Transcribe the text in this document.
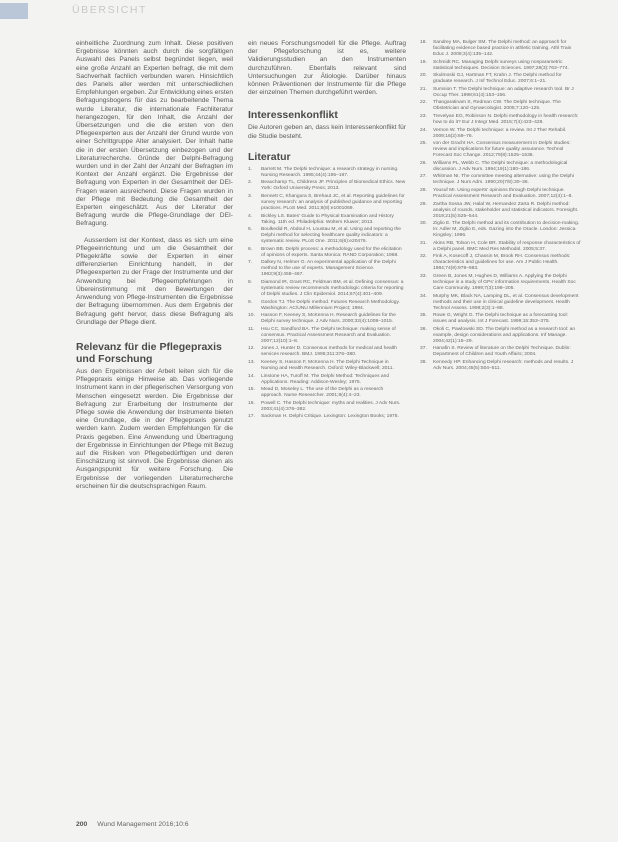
ÜBERSICHT

einheitliche Zuordnung zum Inhalt. Diese positiven Ergebnisse könnten auch durch die sorgfältigen Auswahl des Panels selbst begründet liegen, weil eine große Anzahl an Experten befragt, die mit dem Sachverhalt fachlich verbunden waren. Hinsichtlich des Panels aller werden mit unterschiedlichen Empfehlungen ergeben. Zur Entwicklung eines ersten Befragungsbogens für das zu bearbeitende Thema wurde Literatur, die internationale Fachliteratur herangezogen, für den Inhalt, die Anzahl der Übersetzungen und die die ersten von den Pflegeexperten aus der Anzahl der Grund wurde von einer Schrittgruppe Alter analysiert. Der Inhalt hatte die in der ersten Übersetzung einbezogen und der Literaturrecherche. Gründe der Delphi-Befragung wurden und in der Zahl der Anzahl der Befragten im Kontext der Anzahl ergänzt. Die Ergebnisse der Befragung von Experten in der Gesamtheit der DEI-Fragen waren ausreichend. Diese Fragen wurden in der Pflege mit Bedeutung die Gesamtheit der Experten eingeschätzt. Aus der Literatur der Befragung wurde die Pflege-Grundlage der DEI-Befragung.

Ausserdem ist der Kontext, dass es sich um eine Pflegeeinrichtung und um die Gesamtheit der Pflegekräfte sowie der Experten in einer differenzierten Einrichtung handelt, in der Pflegeexperten zu der Frage der Instrumente und der Anwendung bei Pflegeempfehlungen in Übereinstimmung mit den Bewertungen der Anwendung von Pflege-Instrumenten die Ergebnisse der Befragung übernommen. Aus dem Ergebnis der Befragung geht hervor, dass diese Befragung als Grundlage der Pflege dient.

Relevanz für die Pflegepraxis und Forschung

Aus den Ergebnissen der Arbeit leiten sich für die Pflegepraxis einige Hinweise ab. Das vorliegende Instrument kann in der pflegerischen Versorgung von Menschen eingesetzt werden. Die Ergebnisse der Befragung zur Erarbeitung der Instrumente der Pflege sowie die Anwendung der Instrumente bieten eine Grundlage, die in der Pflegepraxis genutzt werden kann. Zudem werden Empfehlungen für die Praxis gegeben. Eine Anwendung und Übertragung der Ergebnisse in Einrichtungen der Pflege mit Bezug auf die Risiken von Pflegebedürftigen und deren Einschätzung ist sinnvoll. Die Ergebnisse dienen als Ausgangspunkt für weitere Forschung. Die Ergebnisse der vorliegenden Literaturrecherche erscheinen für die deutschsprachigen Raum.

ein neues Forschungsmodell für die Pflege. Auftrag der Pflegeforschung ist es, weitere Validierungsstudien an den Instrumenten durchzuführen. Ebenfalls relevant sind Untersuchungen zur Ätiologie. Darüber hinaus können Präventionen der Instrumente für die Pflege der einzelnen Themen durchgeführt werden.

Interessenkonflikt

Die Autoren geben an, dass kein Interessenkonflikt für die Studie besteht.

Literatur
1. Barrett M. The Delphi technique: a research strategy in nursing. Nursing Research. 1995;44(4):195–197.
2. Beauchamp TL, Childress JF. Principles of Biomedical Ethics. New York: Oxford University Press; 2013.
3. Bennett C, Khangura S, Brehaut JC, et al. Reporting guidelines for survey research: an analysis of published guidance and reporting practices. PLoS Med. 2011;8(8):e1001069.
4. Bickley LS. Bates' Guide to Physical Examination and History Taking. 11th ed. Philadelphia: Wolters Kluwer; 2013.
5. Boulkedid R, Abdoul H, Loustau M, et al. Using and reporting the Delphi method for selecting healthcare quality indicators: a systematic review. PLoS One. 2011;6(6):e20476.
6. Brown BB. Delphi process: a methodology used for the elicitation of opinions of experts. Santa Monica: RAND Corporation; 1968.
7. Dalkey N, Helmer O. An experimental application of the Delphi method to the use of experts. Management Science. 1963;9(3):458–467.
8. Diamond IR, Grant RC, Feldman BM, et al. Defining consensus: a systematic review recommends methodologic criteria for reporting of Delphi studies. J Clin Epidemiol. 2014;67(4):401–409.
9. Gordon TJ. The Delphi method. Futures Research Methodology. Washington: AC/UNU Millennium Project; 1994.
10. Hasson F, Keeney S, McKenna H. Research guidelines for the Delphi survey technique. J Adv Nurs. 2000;32(4):1008–1015.
11. Hsu CC, Sandford BA. The Delphi technique: making sense of consensus. Practical Assessment Research and Evaluation. 2007;12(10):1–8.
12. Jones J, Hunter D. Consensus methods for medical and health services research. BMJ. 1995;311:376–380.
13. Keeney S, Hasson F, McKenna H. The Delphi Technique in Nursing and Health Research. Oxford: Wiley-Blackwell; 2011.
14. Linstone HA, Turoff M. The Delphi Method: Techniques and Applications. Reading: Addison-Wesley; 1975.
15. Mead D, Moseley L. The use of the Delphi as a research approach. Nurse Researcher. 2001;8(4):4–23.
16. Powell C. The Delphi technique: myths and realities. J Adv Nurs. 2003;41(4):376–382.
17. Sackman H. Delphi Critique. Lexington: Lexington Books; 1975.
18. Sandrey MA, Bulger SM. The Delphi method: an approach for facilitating evidence based practice in athletic training. Athl Train Educ J. 2008;3(4):135–142.
19. Schmidt RC. Managing Delphi surveys using nonparametric statistical techniques. Decision Sciences. 1997;28(3):763–774.
20. Skulmoski GJ, Hartman FT, Krahn J. The Delphi method for graduate research. J Inf Technol Educ. 2007;6:1–21.
21. Sumsion T. The Delphi technique: an adaptive research tool. Br J Occup Ther. 1998;61(4):153–156.
22. Thangaratinam S, Redman CW. The Delphi technique. The Obstetrician and Gynaecologist. 2005;7:120–125.
23. Trevelyan EG, Robinson N. Delphi methodology in health research: how to do it? Eur J Integr Med. 2015;7(4):423–428.
24. Vernon W. The Delphi technique: a review. Int J Ther Rehabil. 2009;16(2):69–76.
25. von der Gracht HA. Consensus measurement in Delphi studies: review and implications for future quality assurance. Technol Forecast Soc Change. 2012;79(8):1525–1536.
26. Williams PL, Webb C. The Delphi technique: a methodological discussion. J Adv Nurs. 1994;19(1):180–186.
27. Whitman NI. The committee meeting alternative: using the Delphi technique. J Nurs Adm. 1990;20(7/8):30–36.
28. Yousuf MI. Using experts' opinions through Delphi technique. Practical Assessment Research and Evaluation. 2007;12(4):1–8.
29. Zartha Sossa JW, Halal W, Hernandez Zarta R. Delphi method: analysis of rounds, stakeholder and statistical indicators. Foresight. 2019;21(5):525–544.
30. Ziglio E. The Delphi method and its contribution to decision-making. In: Adler M, Ziglio E, eds. Gazing into the Oracle. London: Jessica Kingsley; 1996.
31. Akins RB, Tolson H, Cole BR. Stability of response characteristics of a Delphi panel. BMC Med Res Methodol. 2005;5:37.
32. Fink A, Kosecoff J, Chassin M, Brook RH. Consensus methods: characteristics and guidelines for use. Am J Public Health. 1984;74(9):979–983.
33. Green B, Jones M, Hughes D, Williams A. Applying the Delphi technique in a study of GPs' information requirements. Health Soc Care Community. 1999;7(3):198–205.
34. Murphy MK, Black NA, Lamping DL, et al. Consensus development methods and their use in clinical guideline development. Health Technol Assess. 1998;2(3):1–88.
35. Rowe G, Wright G. The Delphi technique as a forecasting tool: issues and analysis. Int J Forecast. 1999;15:353–375.
36. Okoli C, Pawlowski SD. The Delphi method as a research tool: an example, design considerations and applications. Inf Manage. 2004;42(1):15–29.
37. Hanafin S. Review of literature on the Delphi Technique. Dublin: Department of Children and Youth Affairs; 2004.
38. Kennedy HP. Enhancing Delphi research: methods and results. J Adv Nurs. 2004;45(5):504–511.
200 Wund Management 2016;10:6
